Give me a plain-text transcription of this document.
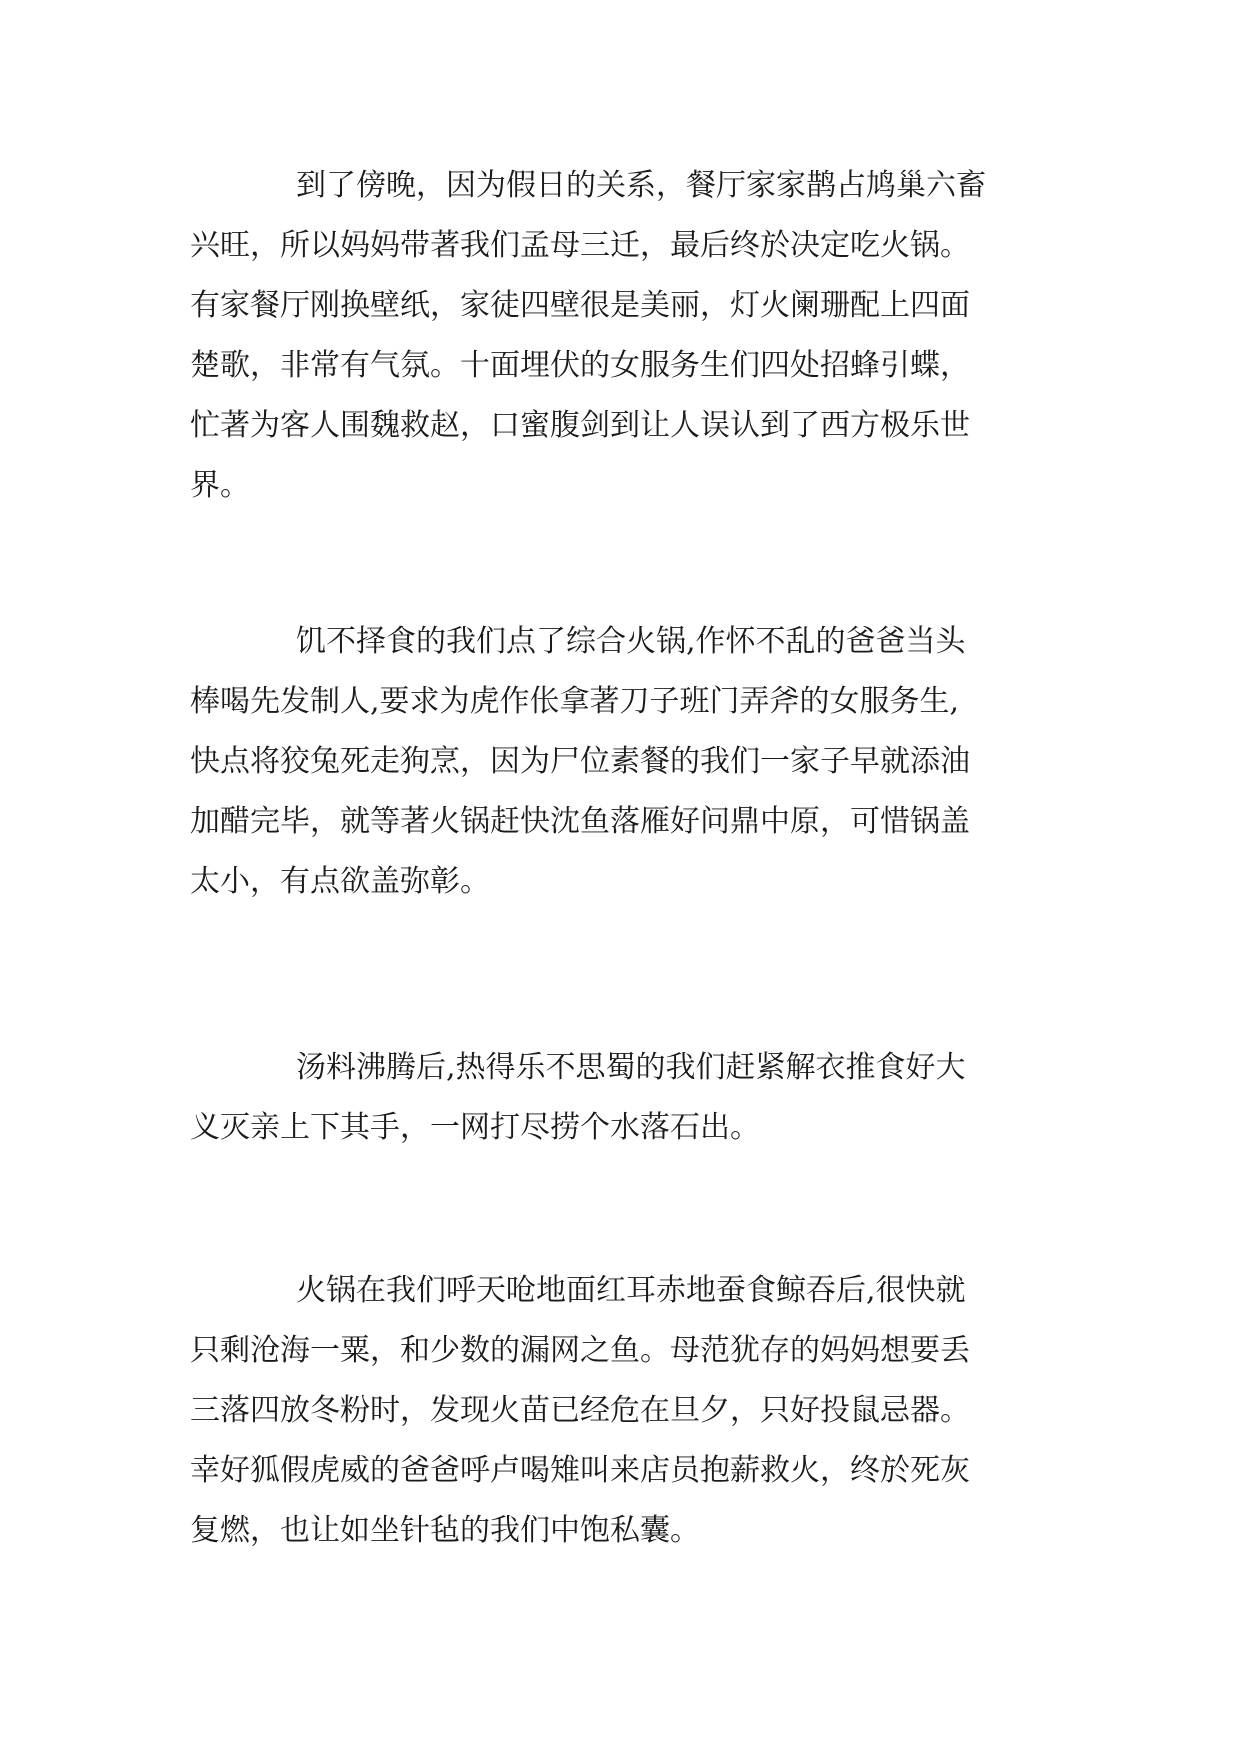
到了傍晚，因为假日的关系，餐厅家家鹊占鸠巢六畜
兴旺，所以妈妈带著我们孟母三迁，最后终於决定吃火锅。
有家餐厅刚换壁纸，家徒四壁很是美丽，灯火阑珊配上四面
楚歌，非常有气氛。十面埋伏的女服务生们四处招蜂引蝶，
忙著为客人围魏救赵，口蜜腹剑到让人误认到了西方极乐世
界。
饥不择食的我们点了综合火锅,作怀不乱的爸爸当头
棒喝先发制人,要求为虎作伥拿著刀子班门弄斧的女服务生,
快点将狡兔死走狗烹，因为尸位素餐的我们一家子早就添油
加醋完毕，就等著火锅赶快沈鱼落雁好问鼎中原，可惜锅盖
太小，有点欲盖弥彰。
汤料沸腾后,热得乐不思蜀的我们赶紧解衣推食好大
义灭亲上下其手，一网打尽捞个水落石出。
火锅在我们呼天呛地面红耳赤地蚕食鲸吞后,很快就
只剩沧海一粟，和少数的漏网之鱼。母范犹存的妈妈想要丢
三落四放冬粉时，发现火苗已经危在旦夕，只好投鼠忌器。
幸好狐假虎威的爸爸呼卢喝雉叫来店员抱薪救火，终於死灰
复燃，也让如坐针毡的我们中饱私囊。
